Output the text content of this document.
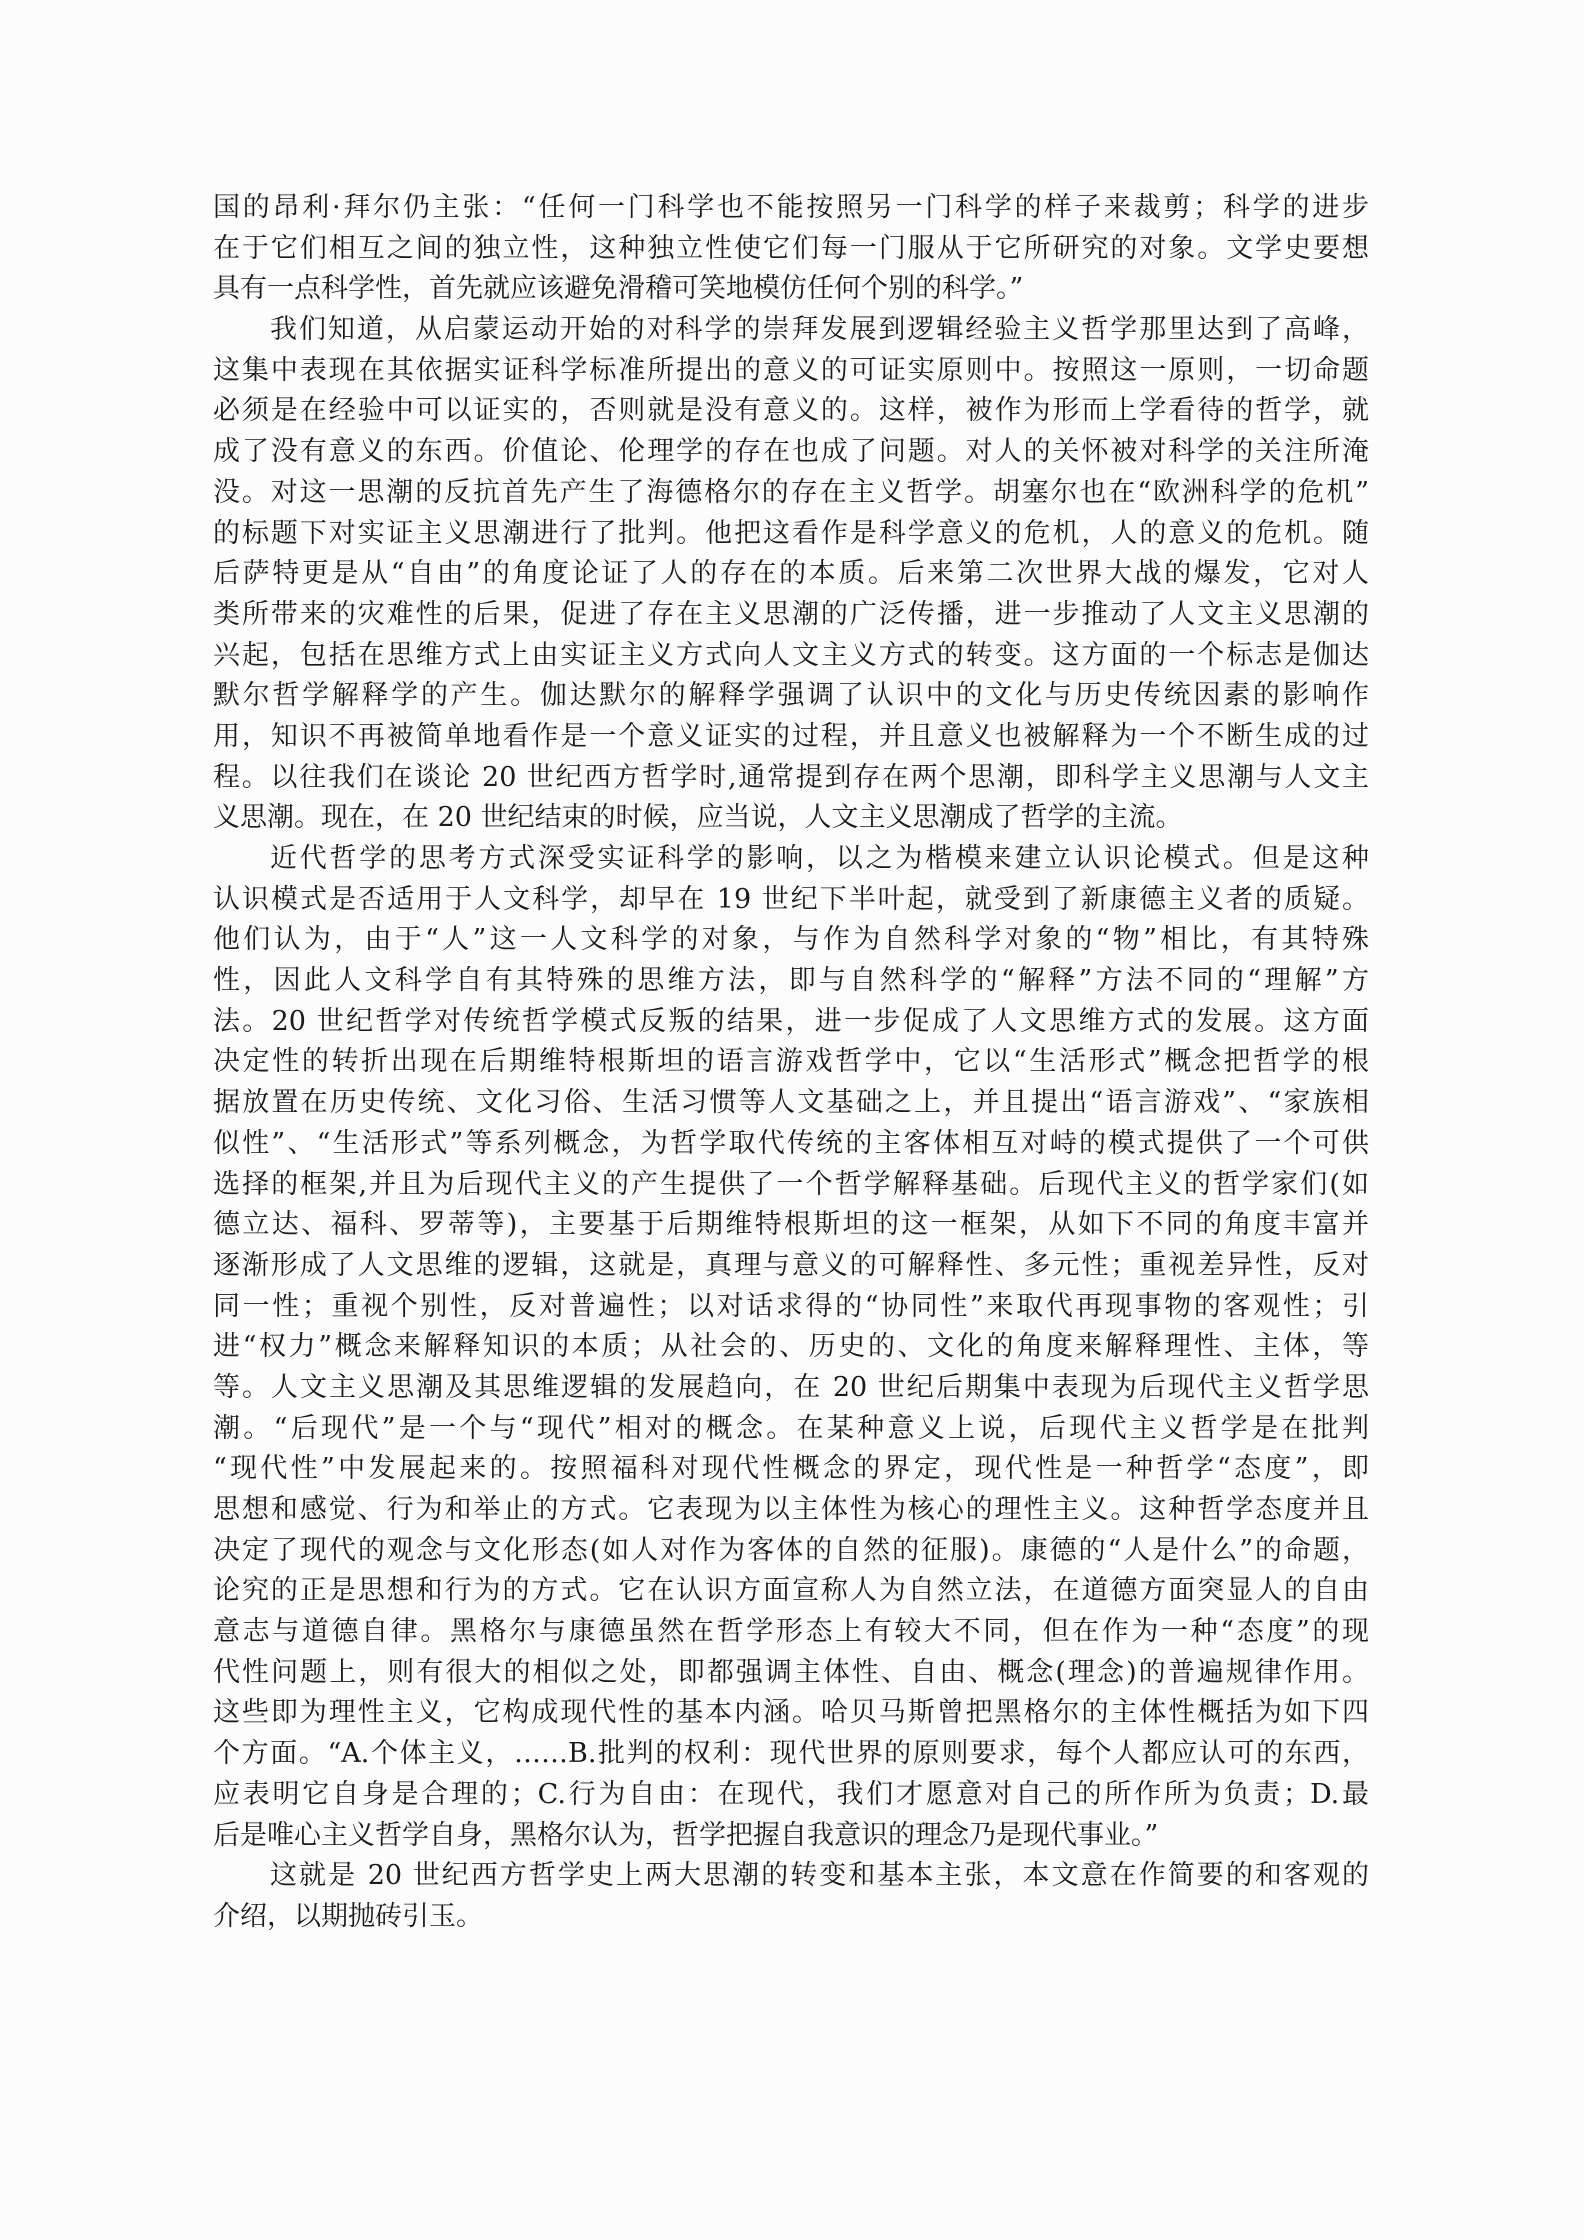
国的昂利·拜尔仍主张：“任何一门科学也不能按照另一门科学的样子来裁剪；科学的进步
在于它们相互之间的独立性，这种独立性使它们每一门服从于它所研究的对象。文学史要想
具有一点科学性，首先就应该避免滑稽可笑地模仿任何个别的科学。”
我们知道，从启蒙运动开始的对科学的崇拜发展到逻辑经验主义哲学那里达到了高峰，
这集中表现在其依据实证科学标准所提出的意义的可证实原则中。按照这一原则，一切命题
必须是在经验中可以证实的，否则就是没有意义的。这样，被作为形而上学看待的哲学，就
成了没有意义的东西。价值论、伦理学的存在也成了问题。对人的关怀被对科学的关注所淹
没。对这一思潮的反抗首先产生了海德格尔的存在主义哲学。胡塞尔也在“欧洲科学的危机”
的标题下对实证主义思潮进行了批判。他把这看作是科学意义的危机，人的意义的危机。随
后萨特更是从“自由”的角度论证了人的存在的本质。后来第二次世界大战的爆发，它对人
类所带来的灾难性的后果，促进了存在主义思潮的广泛传播，进一步推动了人文主义思潮的
兴起，包括在思维方式上由实证主义方式向人文主义方式的转变。这方面的一个标志是伽达
默尔哲学解释学的产生。伽达默尔的解释学强调了认识中的文化与历史传统因素的影响作
用，知识不再被简单地看作是一个意义证实的过程，并且意义也被解释为一个不断生成的过
程。以往我们在谈论 20 世纪西方哲学时,通常提到存在两个思潮，即科学主义思潮与人文主
义思潮。现在，在 20 世纪结束的时候，应当说，人文主义思潮成了哲学的主流。
近代哲学的思考方式深受实证科学的影响，以之为楷模来建立认识论模式。但是这种
认识模式是否适用于人文科学，却早在 19 世纪下半叶起，就受到了新康德主义者的质疑。
他们认为，由于“人”这一人文科学的对象，与作为自然科学对象的“物”相比，有其特殊
性，因此人文科学自有其特殊的思维方法，即与自然科学的“解释”方法不同的“理解”方
法。20 世纪哲学对传统哲学模式反叛的结果，进一步促成了人文思维方式的发展。这方面
决定性的转折出现在后期维特根斯坦的语言游戏哲学中，它以“生活形式”概念把哲学的根
据放置在历史传统、文化习俗、生活习惯等人文基础之上，并且提出“语言游戏”、“家族相
似性”、“生活形式”等系列概念，为哲学取代传统的主客体相互对峙的模式提供了一个可供
选择的框架,并且为后现代主义的产生提供了一个哲学解释基础。后现代主义的哲学家们(如
德立达、福科、罗蒂等)，主要基于后期维特根斯坦的这一框架，从如下不同的角度丰富并
逐渐形成了人文思维的逻辑，这就是，真理与意义的可解释性、多元性；重视差异性，反对
同一性；重视个别性，反对普遍性；以对话求得的“协同性”来取代再现事物的客观性；引
进“权力”概念来解释知识的本质；从社会的、历史的、文化的角度来解释理性、主体，等
等。人文主义思潮及其思维逻辑的发展趋向，在 20 世纪后期集中表现为后现代主义哲学思
潮。“后现代”是一个与“现代”相对的概念。在某种意义上说，后现代主义哲学是在批判
“现代性”中发展起来的。按照福科对现代性概念的界定，现代性是一种哲学“态度”，即
思想和感觉、行为和举止的方式。它表现为以主体性为核心的理性主义。这种哲学态度并且
决定了现代的观念与文化形态(如人对作为客体的自然的征服)。康德的“人是什么”的命题，
论究的正是思想和行为的方式。它在认识方面宣称人为自然立法，在道德方面突显人的自由
意志与道德自律。黑格尔与康德虽然在哲学形态上有较大不同，但在作为一种“态度”的现
代性问题上，则有很大的相似之处，即都强调主体性、自由、概念(理念)的普遍规律作用。
这些即为理性主义，它构成现代性的基本内涵。哈贝马斯曾把黑格尔的主体性概括为如下四
个方面。“A.个体主义，……B.批判的权利：现代世界的原则要求，每个人都应认可的东西，
应表明它自身是合理的；C.行为自由：在现代，我们才愿意对自己的所作所为负责；D.最
后是唯心主义哲学自身，黑格尔认为，哲学把握自我意识的理念乃是现代事业。”
这就是 20 世纪西方哲学史上两大思潮的转变和基本主张，本文意在作简要的和客观的
介绍，以期抛砖引玉。
